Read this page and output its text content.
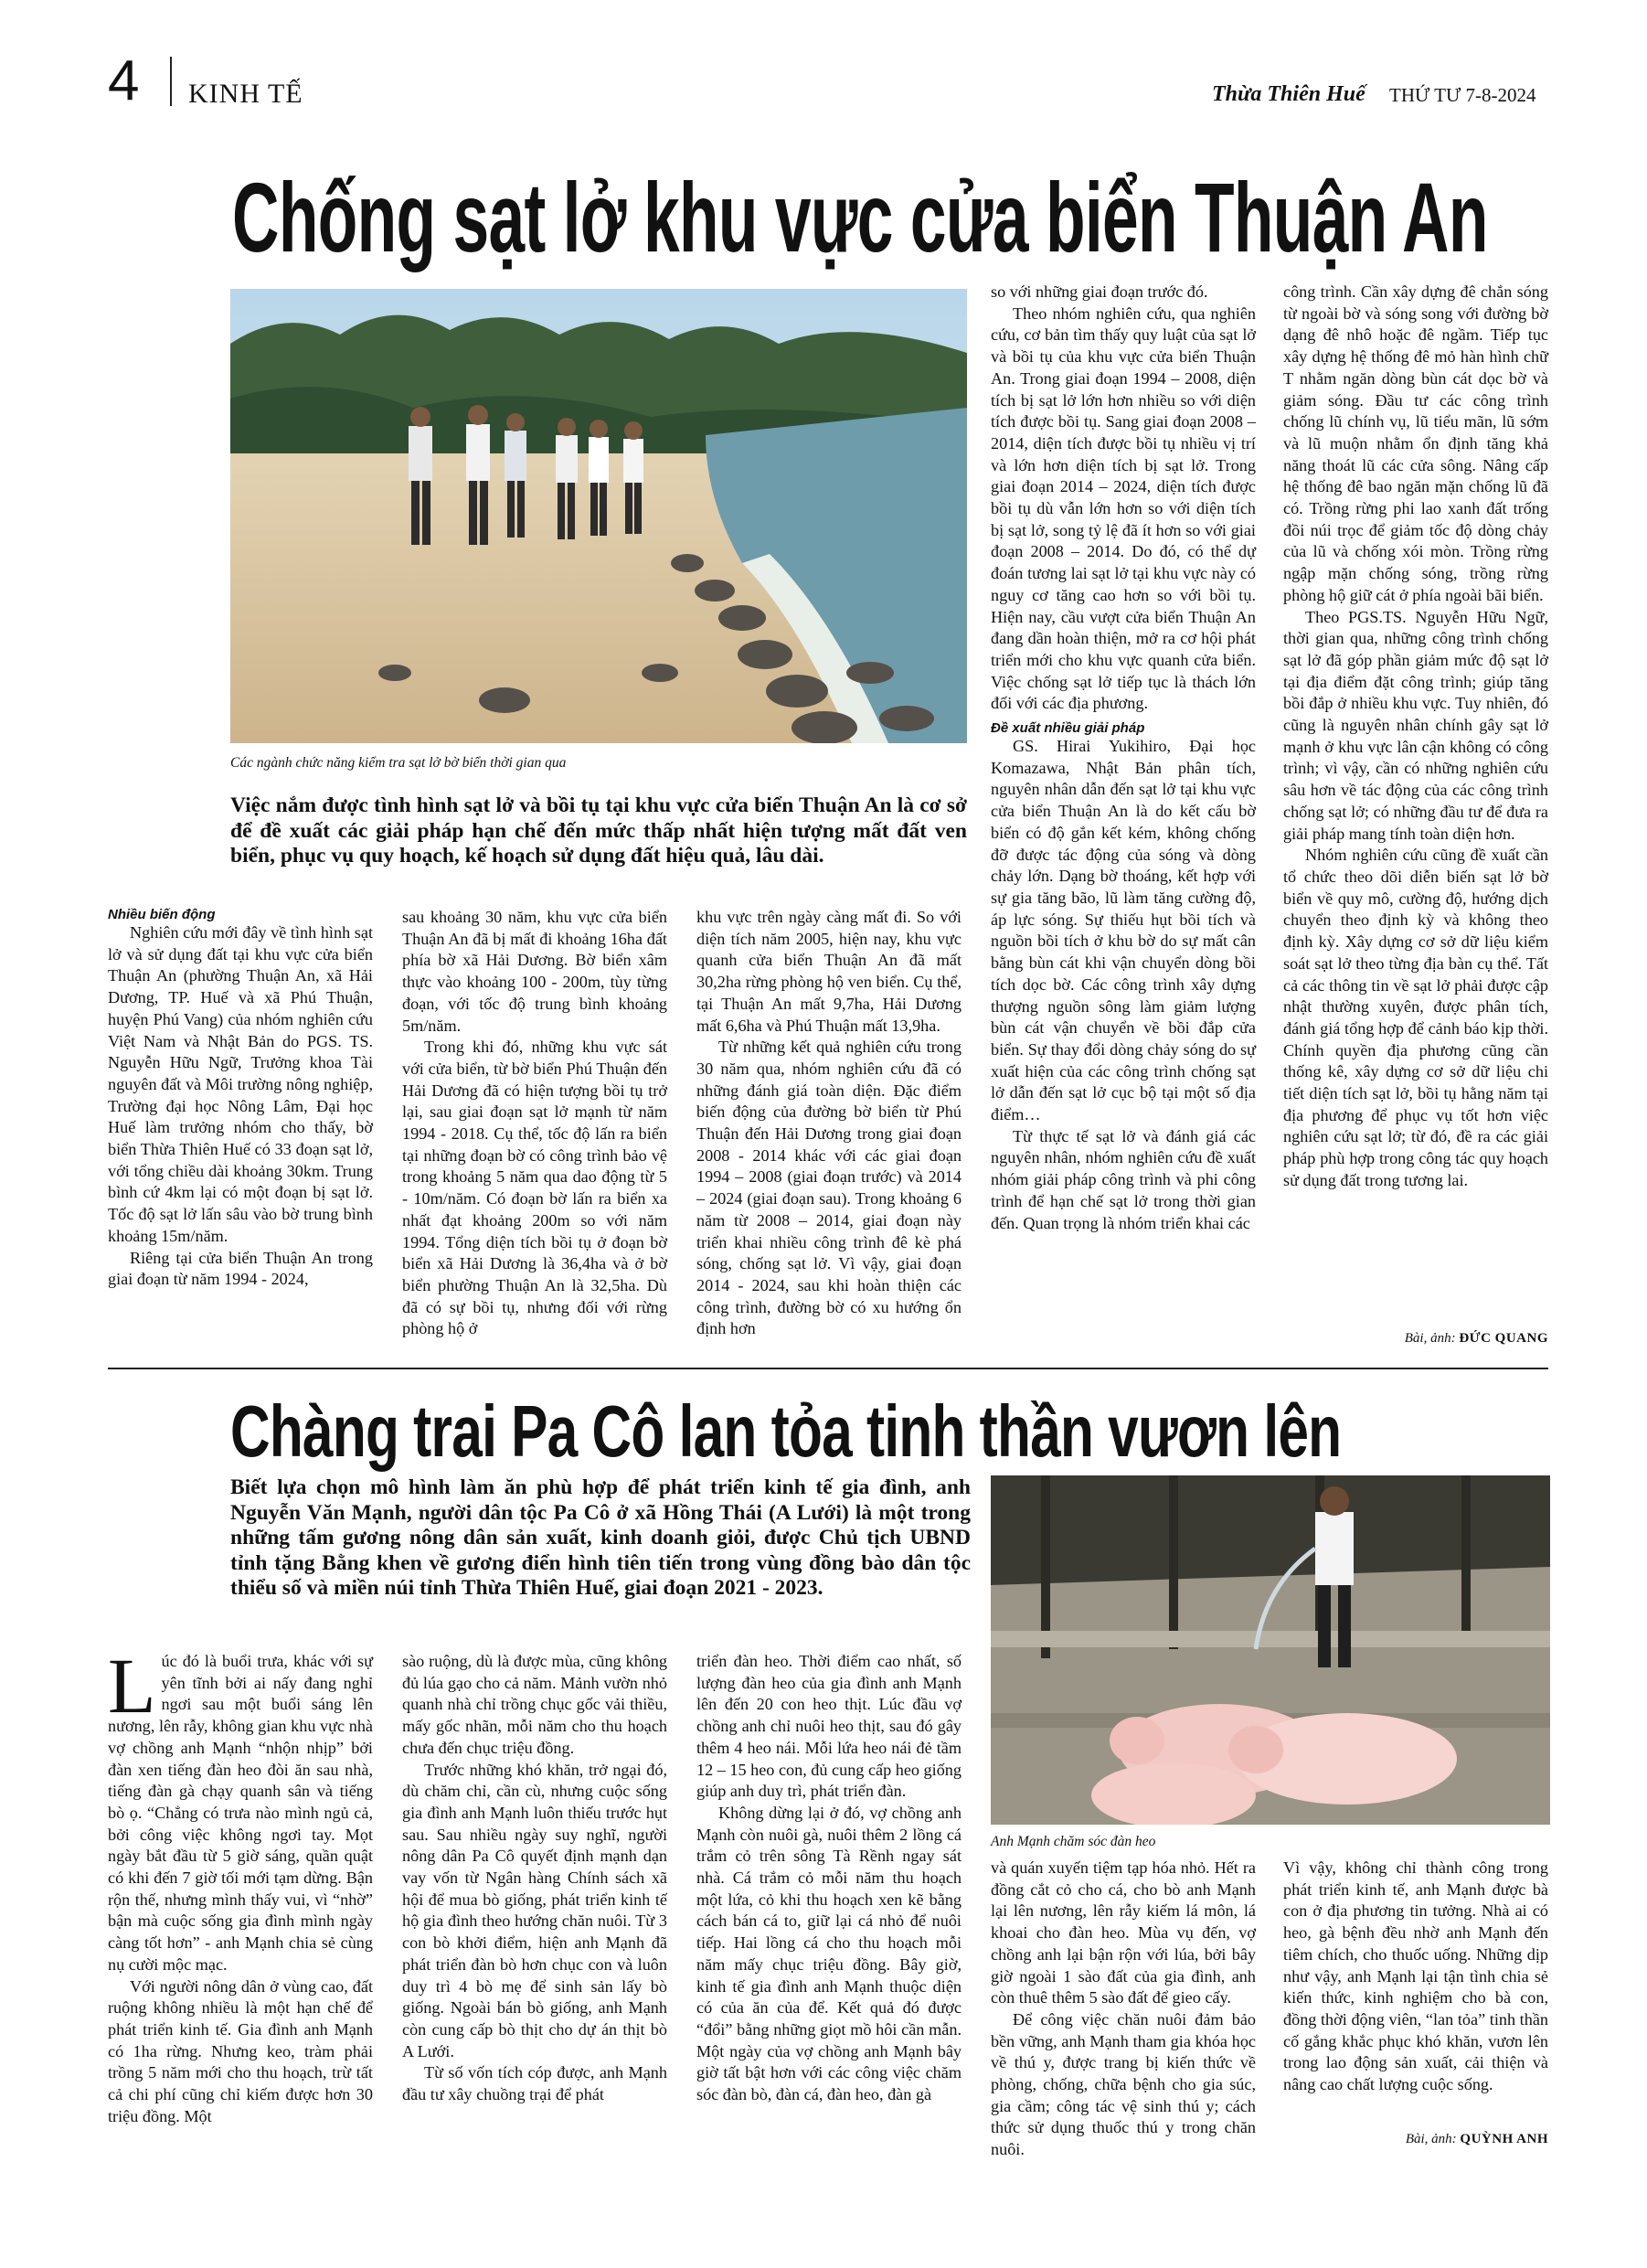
4 KINH TẾ	Thừa Thiên Huế THỨ TƯ 7-8-2024
Chống sạt lở khu vực cửa biển Thuận An
Các ngành chức năng kiểm tra sạt lở bờ biển thời gian qua
Việc nắm được tình hình sạt lở và bồi tụ tại khu vực cửa biển Thuận An là cơ sở để đề xuất các giải pháp hạn chế đến mức thấp nhất hiện tượng mất đất ven biển, phục vụ quy hoạch, kế hoạch sử dụng đất hiệu quả, lâu dài.
Nhiều biến động

Nghiên cứu mới đây về tình hình sạt lở và sử dụng đất tại khu vực cửa biển Thuận An (phường Thuận An, xã Hải Dương, TP. Huế và xã Phú Thuận, huyện Phú Vang) của nhóm nghiên cứu Việt Nam và Nhật Bản do PGS. TS. Nguyễn Hữu Ngữ, Trưởng khoa Tài nguyên đất và Môi trường nông nghiệp, Trường đại học Nông Lâm, Đại học Huế làm trưởng nhóm cho thấy, bờ biển Thừa Thiên Huế có 33 đoạn sạt lở, với tổng chiều dài khoảng 30km. Trung bình cứ 4km lại có một đoạn bị sạt lở. Tốc độ sạt lở lấn sâu vào bờ trung bình khoảng 15m/năm.

Riêng tại cửa biển Thuận An trong giai đoạn từ năm 1994 - 2024,

sau khoảng 30 năm, khu vực cửa biển Thuận An đã bị mất đi khoảng 16ha đất phía bờ xã Hải Dương. Bờ biển xâm thực vào khoảng 100 - 200m, tùy từng đoạn, với tốc độ trung bình khoảng 5m/năm.

Trong khi đó, những khu vực sát với cửa biển, từ bờ biển Phú Thuận đến Hải Dương đã có hiện tượng bồi tụ trở lại, sau giai đoạn sạt lở mạnh từ năm 1994 - 2018. Cụ thể, tốc độ lấn ra biển tại những đoạn bờ có công trình bảo vệ trong khoảng 5 năm qua dao động từ 5 - 10m/năm. Có đoạn bờ lấn ra biển xa nhất đạt khoảng 200m so với năm 1994. Tổng diện tích bồi tụ ở đoạn bờ biển xã Hải Dương là 36,4ha và ở bờ biển phường Thuận An là 32,5ha. Dù đã có sự bồi tụ, nhưng đối với rừng phòng hộ ở

khu vực trên ngày càng mất đi. So với diện tích năm 2005, hiện nay, khu vực quanh cửa biển Thuận An đã mất 30,2ha rừng phòng hộ ven biển. Cụ thể, tại Thuận An mất 9,7ha, Hải Dương mất 6,6ha và Phú Thuận mất 13,9ha.

Từ những kết quả nghiên cứu trong 30 năm qua, nhóm nghiên cứu đã có những đánh giá toàn diện. Đặc điểm biến động của đường bờ biển từ Phú Thuận đến Hải Dương trong giai đoạn 2008 - 2014 khác với các giai đoạn 1994 – 2008 (giai đoạn trước) và 2014 – 2024 (giai đoạn sau). Trong khoảng 6 năm từ 2008 – 2014, giai đoạn này triển khai nhiều công trình đê kè phá sóng, chống sạt lở. Vì vậy, giai đoạn 2014 - 2024, sau khi hoàn thiện các công trình, đường bờ có xu hướng ổn định hơn

so với những giai đoạn trước đó.

Theo nhóm nghiên cứu, qua nghiên cứu, cơ bản tìm thấy quy luật của sạt lở và bồi tụ của khu vực cửa biển Thuận An. Trong giai đoạn 1994 – 2008, diện tích bị sạt lở lớn hơn nhiều so với diện tích được bồi tụ. Sang giai đoạn 2008 – 2014, diện tích được bồi tụ nhiều vị trí và lớn hơn diện tích bị sạt lở. Trong giai đoạn 2014 – 2024, diện tích được bồi tụ dù vẫn lớn hơn so với diện tích bị sạt lở, song tỷ lệ đã ít hơn so với giai đoạn 2008 – 2014. Do đó, có thể dự đoán tương lai sạt lở tại khu vực này có nguy cơ tăng cao hơn so với bồi tụ. Hiện nay, cầu vượt cửa biển Thuận An đang dần hoàn thiện, mở ra cơ hội phát triển mới cho khu vực quanh cửa biển. Việc chống sạt lở tiếp tục là thách lớn đối với các địa phương.

Đề xuất nhiều giải pháp

GS. Hirai Yukihiro, Đại học Komazawa, Nhật Bản phân tích, nguyên nhân dẫn đến sạt lở tại khu vực cửa biển Thuận An là do kết cấu bờ biển có độ gắn kết kém, không chống đỡ được tác động của sóng và dòng chảy lớn. Dạng bờ thoáng, kết hợp với sự gia tăng bão, lũ làm tăng cường độ, áp lực sóng. Sự thiếu hụt bồi tích và nguồn bồi tích ở khu bờ do sự mất cân bằng bùn cát khi vận chuyển dòng bồi tích dọc bờ. Các công trình xây dựng thượng nguồn sông làm giảm lượng bùn cát vận chuyển về bồi đắp cửa biển. Sự thay đổi dòng chảy sóng do sự xuất hiện của các công trình chống sạt lở dẫn đến sạt lở cục bộ tại một số địa điểm…

Từ thực tế sạt lở và đánh giá các nguyên nhân, nhóm nghiên cứu đề xuất nhóm giải pháp công trình và phi công trình để hạn chế sạt lở trong thời gian đến. Quan trọng là nhóm triển khai các

công trình. Cần xây dựng đê chắn sóng từ ngoài bờ và sóng song với đường bờ dạng đê nhô hoặc đê ngầm. Tiếp tục xây dựng hệ thống đê mỏ hàn hình chữ T nhằm ngăn dòng bùn cát dọc bờ và giảm sóng. Đầu tư các công trình chống lũ chính vụ, lũ tiểu mãn, lũ sớm và lũ muộn nhằm ổn định tăng khả năng thoát lũ các cửa sông. Nâng cấp hệ thống đê bao ngăn mặn chống lũ đã có. Trồng rừng phi lao xanh đất trống đồi núi trọc để giảm tốc độ dòng chảy của lũ và chống xói mòn. Trồng rừng ngập mặn chống sóng, trồng rừng phòng hộ giữ cát ở phía ngoài bãi biển.

Theo PGS.TS. Nguyễn Hữu Ngữ, thời gian qua, những công trình chống sạt lở đã góp phần giảm mức độ sạt lở tại địa điểm đặt công trình; giúp tăng bồi đắp ở nhiều khu vực. Tuy nhiên, đó cũng là nguyên nhân chính gây sạt lở mạnh ở khu vực lân cận không có công trình; vì vậy, cần có những nghiên cứu sâu hơn về tác động của các công trình chống sạt lở; có những đầu tư để đưa ra giải pháp mang tính toàn diện hơn.

Nhóm nghiên cứu cũng đề xuất cần tổ chức theo dõi diễn biến sạt lở bờ biển về quy mô, cường độ, hướng dịch chuyển theo định kỳ và không theo định kỳ. Xây dựng cơ sở dữ liệu kiểm soát sạt lở theo từng địa bàn cụ thể. Tất cả các thông tin về sạt lở phải được cập nhật thường xuyên, được phân tích, đánh giá tổng hợp để cảnh báo kịp thời. Chính quyền địa phương cũng cần thống kê, xây dựng cơ sở dữ liệu chi tiết diện tích sạt lở, bồi tụ hằng năm tại địa phương để phục vụ tốt hơn việc nghiên cứu sạt lở; từ đó, đề ra các giải pháp phù hợp trong công tác quy hoạch sử dụng đất trong tương lai.

Bài, ảnh: ĐỨC QUANG
Chàng trai Pa Cô lan tỏa tinh thần vươn lên
Biết lựa chọn mô hình làm ăn phù hợp để phát triển kinh tế gia đình, anh Nguyễn Văn Mạnh, người dân tộc Pa Cô ở xã Hồng Thái (A Lưới) là một trong những tấm gương nông dân sản xuất, kinh doanh giỏi, được Chủ tịch UBND tỉnh tặng Bằng khen về gương điển hình tiên tiến trong vùng đồng bào dân tộc thiểu số và miền núi tỉnh Thừa Thiên Huế, giai đoạn 2021 - 2023.
Anh Mạnh chăm sóc đàn heo

Lúc đó là buổi trưa, khác với sự yên tĩnh bởi ai nấy đang nghỉ ngơi sau một buổi sáng lên nương, lên rẫy, không gian khu vực nhà vợ chồng anh Mạnh “nhộn nhịp” bởi đàn xen tiếng đàn heo đòi ăn sau nhà, tiếng đàn gà chạy quanh sân và tiếng bò ọ. “Chẳng có trưa nào mình ngủ cả, bởi công việc không ngơi tay. Mọt ngày bắt đầu từ 5 giờ sáng, quần quật có khi đến 7 giờ tối mới tạm dừng. Bận rộn thế, nhưng mình thấy vui, vì “nhờ” bận mà cuộc sống gia đình mình ngày càng tốt hơn” - anh Mạnh chia sẻ cùng nụ cười mộc mạc.

Với người nông dân ở vùng cao, đất ruộng không nhiều là một hạn chế để phát triển kinh tế. Gia đình anh Mạnh có 1ha rừng. Nhưng keo, tràm phải trồng 5 năm mới cho thu hoạch, trừ tất cả chi phí cũng chỉ kiếm được hơn 30 triệu đồng. Một

sào ruộng, dù là được mùa, cũng không đủ lúa gạo cho cả năm. Mảnh vườn nhỏ quanh nhà chỉ trồng chục gốc vải thiều, mấy gốc nhãn, mỗi năm cho thu hoạch chưa đến chục triệu đồng.

Trước những khó khăn, trở ngại đó, dù chăm chỉ, cần cù, nhưng cuộc sống gia đình anh Mạnh luôn thiếu trước hụt sau. Sau nhiều ngày suy nghĩ, người nông dân Pa Cô quyết định mạnh dạn vay vốn từ Ngân hàng Chính sách xã hội để mua bò giống, phát triển kinh tế hộ gia đình theo hướng chăn nuôi. Từ 3 con bò khởi điểm, hiện anh Mạnh đã phát triển đàn bò hơn chục con và luôn duy trì 4 bò mẹ để sinh sản lấy bò giống. Ngoài bán bò giống, anh Mạnh còn cung cấp bò thịt cho dự án thịt bò A Lưới.

Từ số vốn tích cóp được, anh Mạnh đầu tư xây chuồng trại để phát

triển đàn heo. Thời điểm cao nhất, số lượng đàn heo của gia đình anh Mạnh lên đến 20 con heo thịt. Lúc đầu vợ chồng anh chỉ nuôi heo thịt, sau đó gây thêm 4 heo nái. Mỗi lứa heo nái đẻ tầm 12 – 15 heo con, đủ cung cấp heo giống giúp anh duy trì, phát triển đàn.

Không dừng lại ở đó, vợ chồng anh Mạnh còn nuôi gà, nuôi thêm 2 lồng cá trắm cỏ trên sông Tà Rềnh ngay sát nhà. Cá trắm cỏ mỗi năm thu hoạch một lứa, cỏ khi thu hoạch xen kẽ bằng cách bán cá to, giữ lại cá nhỏ để nuôi tiếp. Hai lồng cá cho thu hoạch mỗi năm mấy chục triệu đồng. Bây giờ, kinh tế gia đình anh Mạnh thuộc diện có của ăn của để. Kết quả đó được “đổi” bằng những giọt mồ hôi cần mẫn. Một ngày của vợ chồng anh Mạnh bây giờ tất bật hơn với các công việc chăm sóc đàn bò, đàn cá, đàn heo, đàn gà

và quán xuyến tiệm tạp hóa nhỏ. Hết ra đồng cắt cỏ cho cá, cho bò anh Mạnh lại lên nương, lên rẫy kiếm lá môn, lá khoai cho đàn heo. Mùa vụ đến, vợ chồng anh lại bận rộn với lúa, bởi bây giờ ngoài 1 sào đất của gia đình, anh còn thuê thêm 5 sào đất để gieo cấy.

Để công việc chăn nuôi đảm bảo bền vững, anh Mạnh tham gia khóa học về thú y, được trang bị kiến thức về phòng, chống, chữa bệnh cho gia súc, gia cầm; công tác vệ sinh thú y; cách thức sử dụng thuốc thú y trong chăn nuôi.

Vì vậy, không chỉ thành công trong phát triển kinh tế, anh Mạnh được bà con ở địa phương tin tưởng. Nhà ai có heo, gà bệnh đều nhờ anh Mạnh đến tiêm chích, cho thuốc uống. Những dịp như vậy, anh Mạnh lại tận tình chia sẻ kiến thức, kinh nghiệm cho bà con, đồng thời động viên, “lan tỏa” tinh thần cố gắng khắc phục khó khăn, vươn lên trong lao động sản xuất, cải thiện và nâng cao chất lượng cuộc sống.

Bài, ảnh: QUỲNH ANH
